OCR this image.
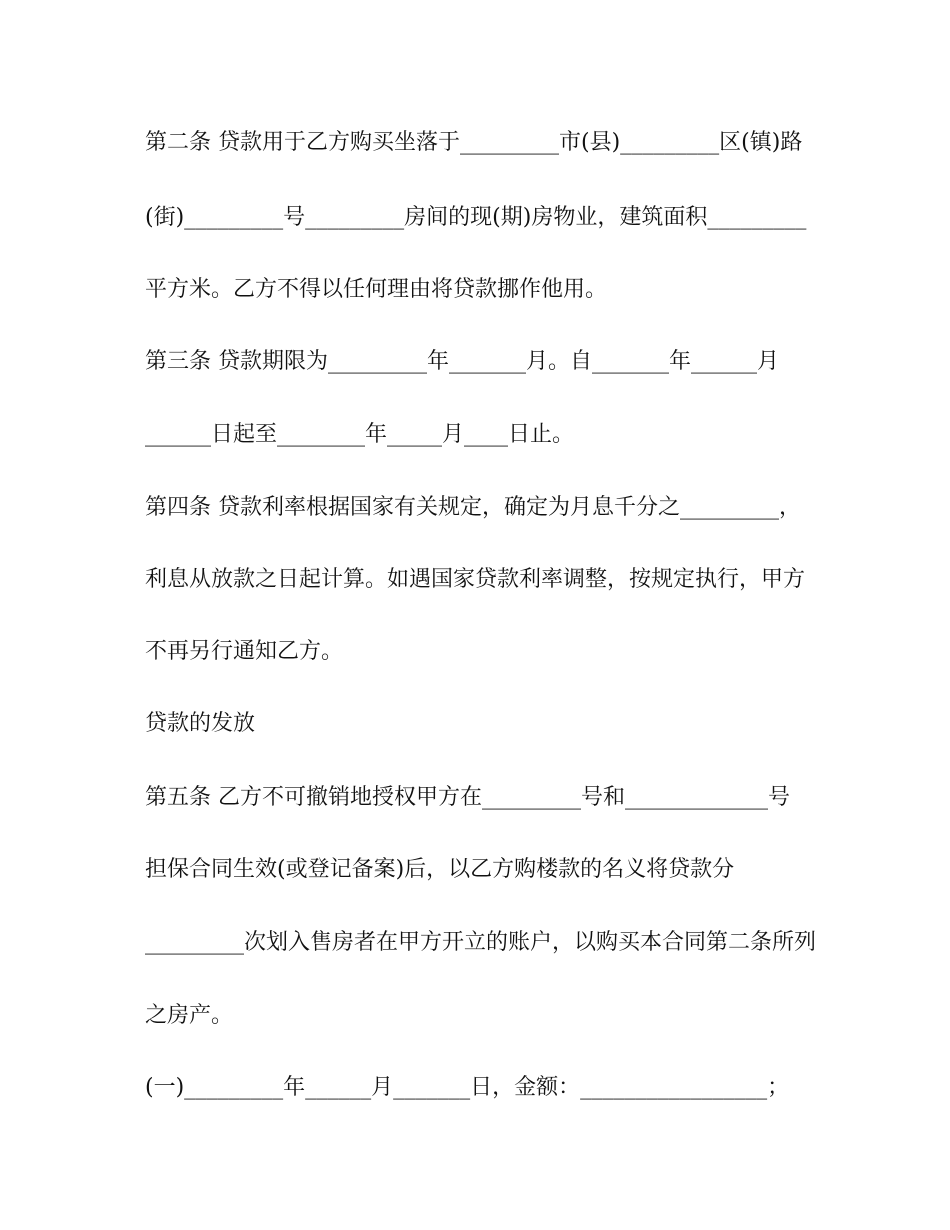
第二条 贷款用于乙方购买坐落于_________市(县)_________区(镇)路
(街)_________号_________房间的现(期)房物业，建筑面积_________
平方米。乙方不得以任何理由将贷款挪作他用。
第三条 贷款期限为_________年_______月。自_______年______月
______日起至________年_____月____日止。
第四条 贷款利率根据国家有关规定，确定为月息千分之_________，
利息从放款之日起计算。如遇国家贷款利率调整，按规定执行，甲方
不再另行通知乙方。
贷款的发放
第五条 乙方不可撤销地授权甲方在_________号和_____________号
担保合同生效(或登记备案)后，以乙方购楼款的名义将贷款分
_________次划入售房者在甲方开立的账户，以购买本合同第二条所列
之房产。
(一)_________年______月_______日，金额：_________________；
